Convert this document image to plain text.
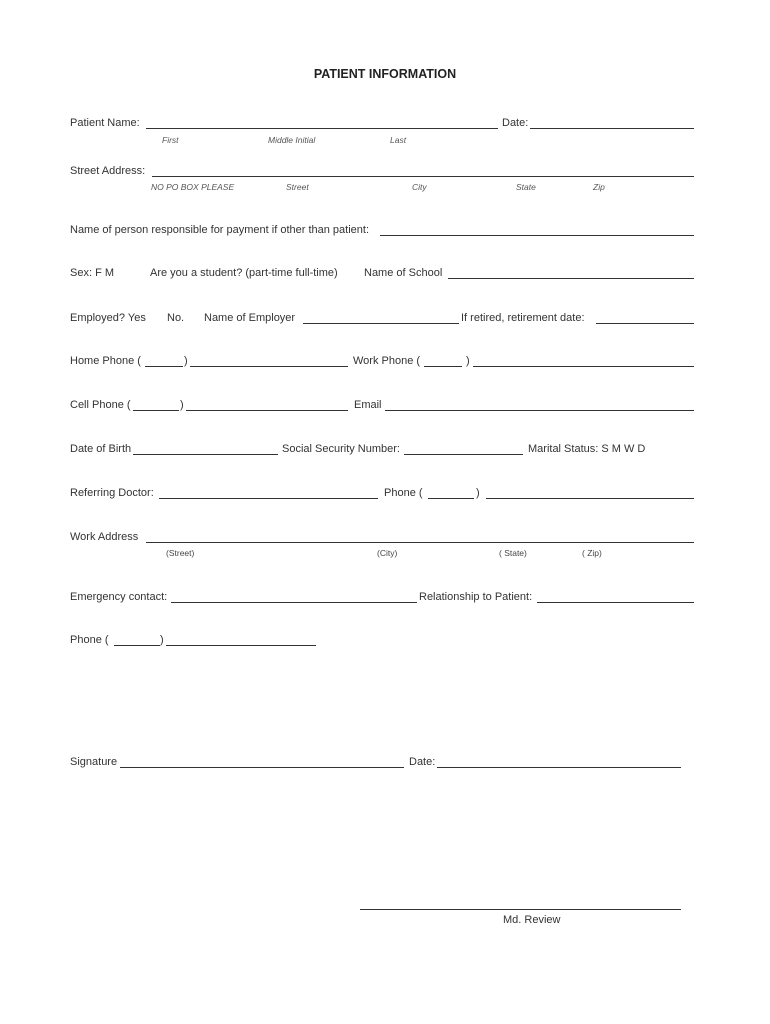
PATIENT INFORMATION
Patient Name:	Date:
First	Middle Initial	Last
Street Address:
NO PO BOX PLEASE	Street	City	State	Zip
Name of person responsible for payment if other than patient:
Sex: F M	Are you a student? (part-time full-time) Name of School
Employed? Yes No. Name of Employer	If retired, retirement date:
Home Phone (	)	Work Phone (	)
Cell Phone (	)	Email
Date of Birth	Social Security Number:	Marital Status: S M W D
Referring Doctor:	Phone (	)
Work Address
(Street)	(City)	( State)	( Zip)
Emergency contact:	Relationship to Patient:
Phone (	)
Signature	Date:
Md. Review
